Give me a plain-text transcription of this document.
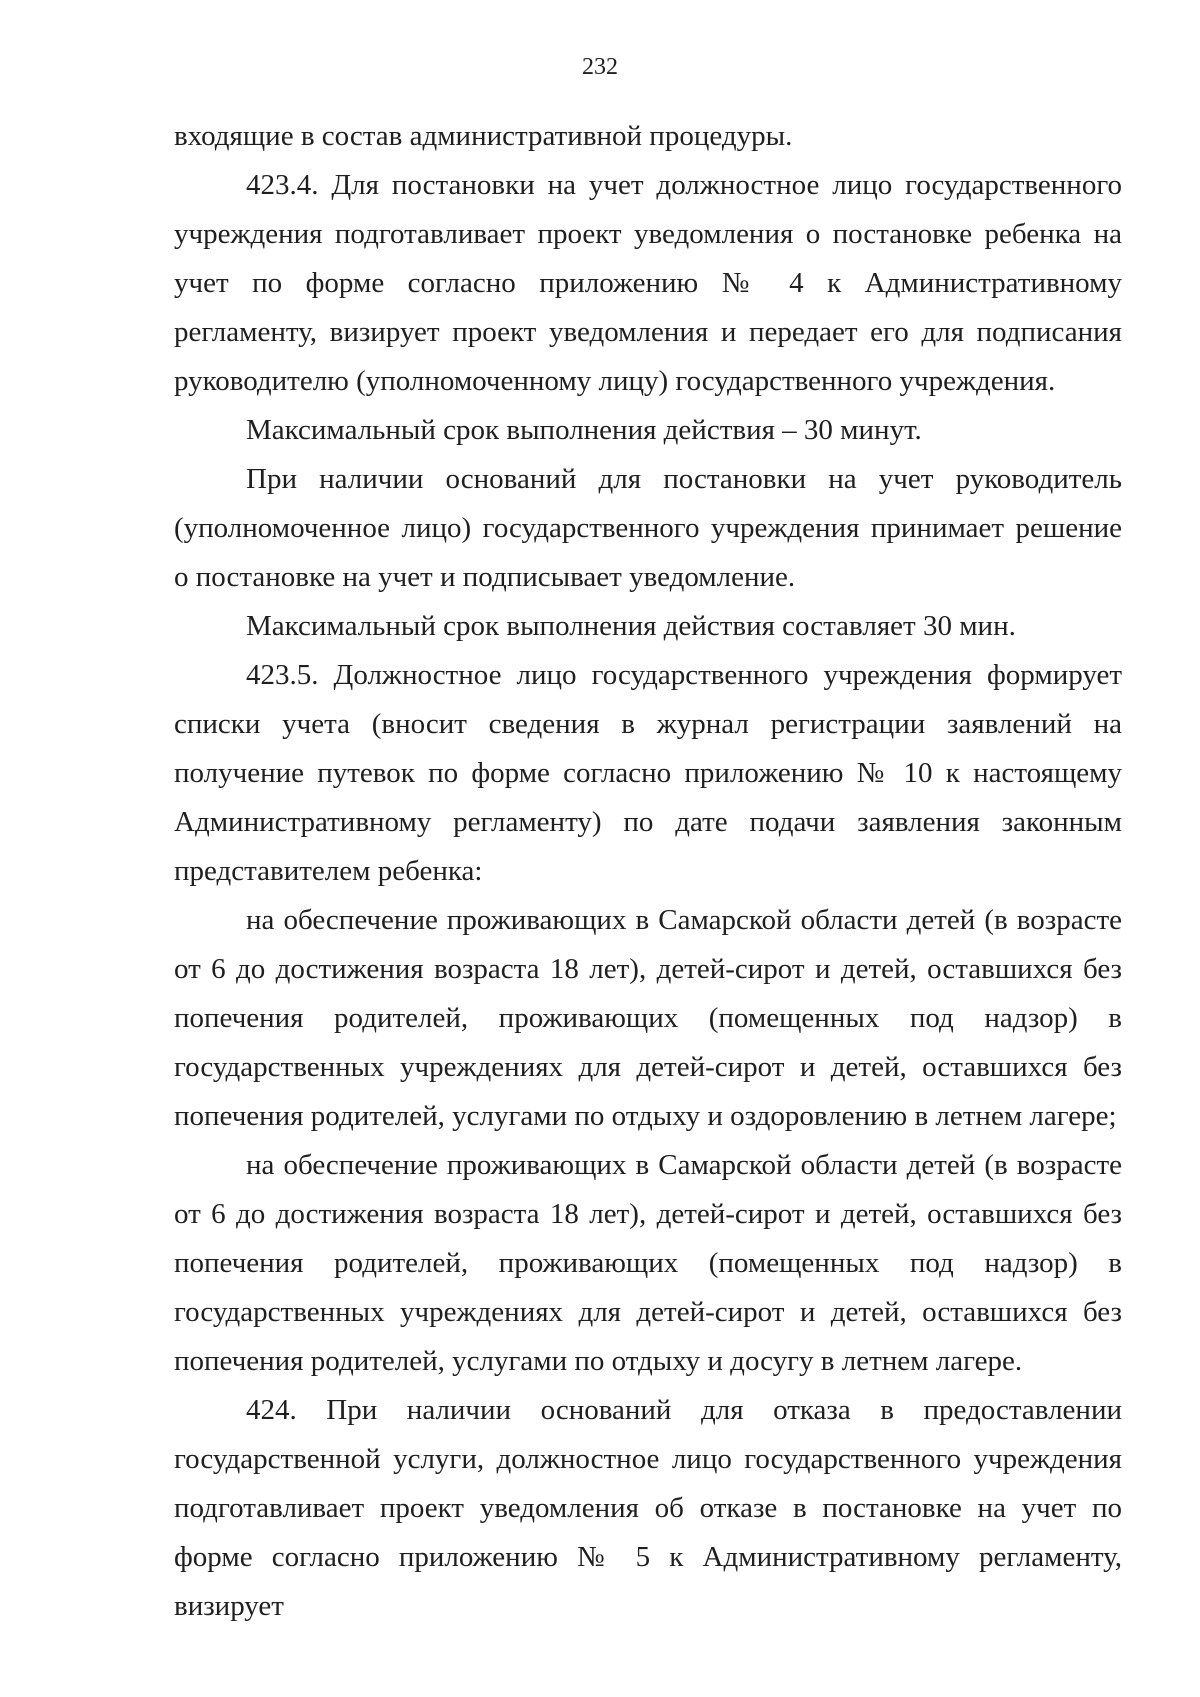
232

входящие в состав административной процедуры.

423.4. Для постановки на учет должностное лицо государственного учреждения подготавливает проект уведомления о постановке ребенка на учет по форме согласно приложению № 4 к Административному регламенту, визирует проект уведомления и передает его для подписания руководителю (уполномоченному лицу) государственного учреждения.

Максимальный срок выполнения действия – 30 минут.

При наличии оснований для постановки на учет руководитель (уполномоченное лицо) государственного учреждения принимает решение о постановке на учет и подписывает уведомление.

Максимальный срок выполнения действия составляет 30 мин.

423.5. Должностное лицо государственного учреждения формирует списки учета (вносит сведения в журнал регистрации заявлений на получение путевок по форме согласно приложению № 10 к настоящему Административному регламенту) по дате подачи заявления законным представителем ребенка:

на обеспечение проживающих в Самарской области детей (в возрасте от 6 до достижения возраста 18 лет), детей-сирот и детей, оставшихся без попечения родителей, проживающих (помещенных под надзор) в государственных учреждениях для детей-сирот и детей, оставшихся без попечения родителей, услугами по отдыху и оздоровлению в летнем лагере;

на обеспечение проживающих в Самарской области детей (в возрасте от 6 до достижения возраста 18 лет), детей-сирот и детей, оставшихся без попечения родителей, проживающих (помещенных под надзор) в государственных учреждениях для детей-сирот и детей, оставшихся без попечения родителей, услугами по отдыху и досугу в летнем лагере.

424. При наличии оснований для отказа в предоставлении государственной услуги, должностное лицо государственного учреждения подготавливает проект уведомления об отказе в постановке на учет по форме согласно приложению № 5 к Административному регламенту, визирует
